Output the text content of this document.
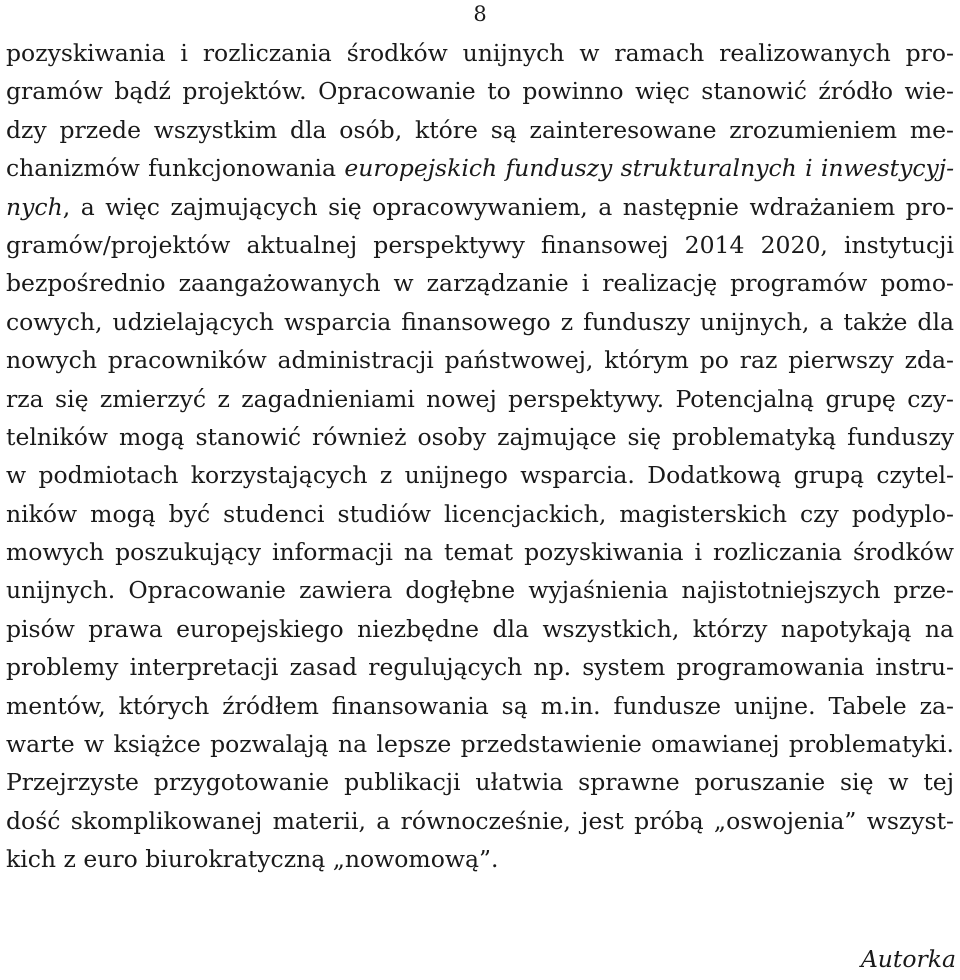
8
pozyskiwania i rozliczania środków unijnych w ramach realizowanych pro-
gramów bądź projektów. Opracowanie to powinno więc stanowić źródło wie-
dzy przede wszystkim dla osób, które są zainteresowane zrozumieniem me-
chanizmów funkcjonowania europejskich funduszy strukturalnych i inwestycyj-
nych, a więc zajmujących się opracowywaniem, a następnie wdrażaniem pro-
gramów/projektów aktualnej perspektywy finansowej 2014 2020, instytucji
bezpośrednio zaangażowanych w zarządzanie i realizację programów pomo-
cowych, udzielających wsparcia finansowego z funduszy unijnych, a także dla
nowych pracowników administracji państwowej, którym po raz pierwszy zda-
rza się zmierzyć z zagadnieniami nowej perspektywy. Potencjalną grupę czy-
telników mogą stanowić również osoby zajmujące się problematyką funduszy
w podmiotach korzystających z unijnego wsparcia. Dodatkową grupą czytel-
ników mogą być studenci studiów licencjackich, magisterskich czy podyplo-
mowych poszukujący informacji na temat pozyskiwania i rozliczania środków
unijnych. Opracowanie zawiera dogłębne wyjaśnienia najistotniejszych prze-
pisów prawa europejskiego niezbędne dla wszystkich, którzy napotykają na
problemy interpretacji zasad regulujących np. system programowania instru-
mentów, których źródłem finansowania są m.in. fundusze unijne. Tabele za-
warte w książce pozwalają na lepsze przedstawienie omawianej problematyki.
Przejrzyste przygotowanie publikacji ułatwia sprawne poruszanie się w tej
dość skomplikowanej materii, a równocześnie, jest próbą „oswojenia” wszyst-
kich z euro biurokratyczną „nowomową”.
Autorka
